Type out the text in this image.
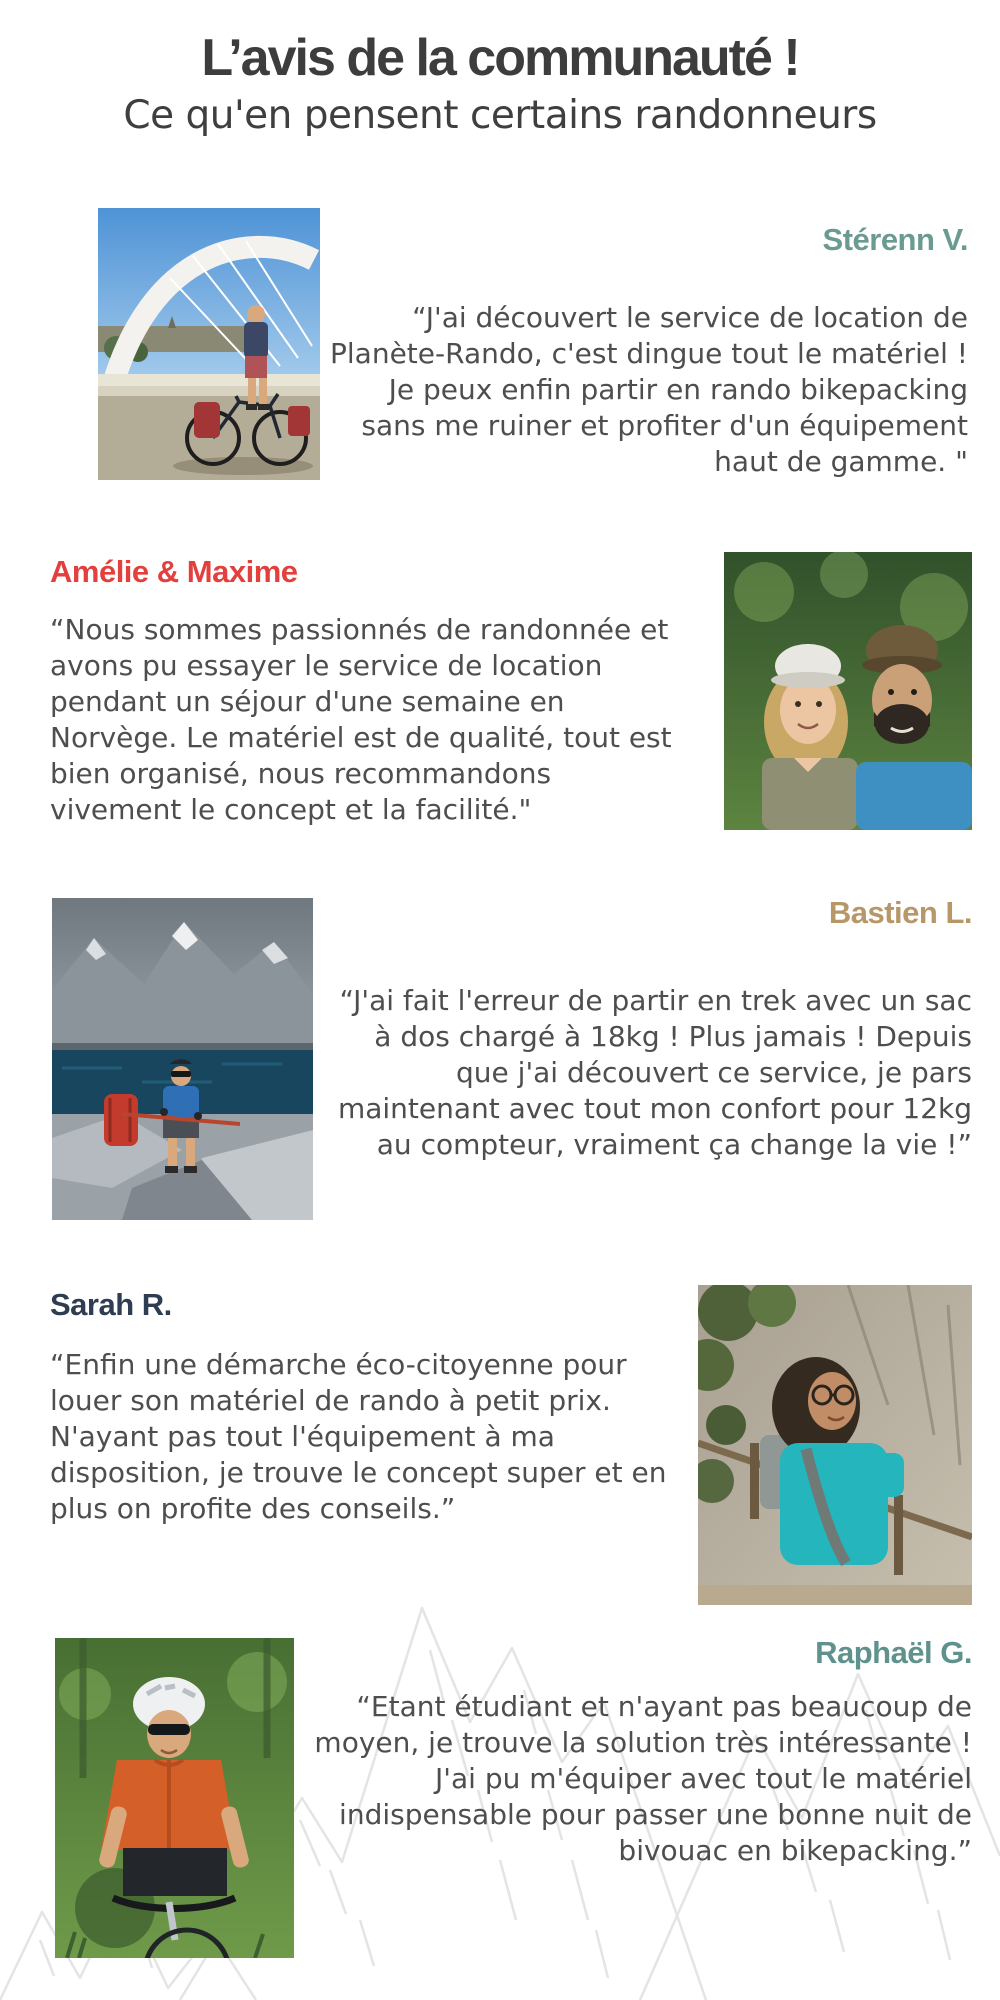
L’avis de la communauté !
Ce qu'en pensent certains randonneurs
Stérenn V.

“J'ai découvert le service de location de Planète-Rando, c'est dingue tout le matériel ! Je peux enfin partir en rando bikepacking sans me ruiner et profiter d'un équipement haut de gamme. "

Amélie & Maxime

“Nous sommes passionnés de randonnée et avons pu essayer le service de location pendant un séjour d'une semaine en Norvège. Le matériel est de qualité, tout est bien organisé, nous recommandons vivement le concept et la facilité."

Bastien L.

“J'ai fait l'erreur de partir en trek avec un sac à dos chargé à 18kg ! Plus jamais ! Depuis que j'ai découvert ce service, je pars maintenant avec tout mon confort pour 12kg au compteur, vraiment ça change la vie !”

Sarah R.

“Enfin une démarche éco-citoyenne pour louer son matériel de rando à petit prix. N'ayant pas tout l'équipement à ma disposition, je trouve le concept super et en plus on profite des conseils.”

Raphaël G.

“Etant étudiant et n'ayant pas beaucoup de moyen, je trouve la solution très intéressante ! J'ai pu m'équiper avec tout le matériel indispensable pour passer une bonne nuit de bivouac en bikepacking.”
